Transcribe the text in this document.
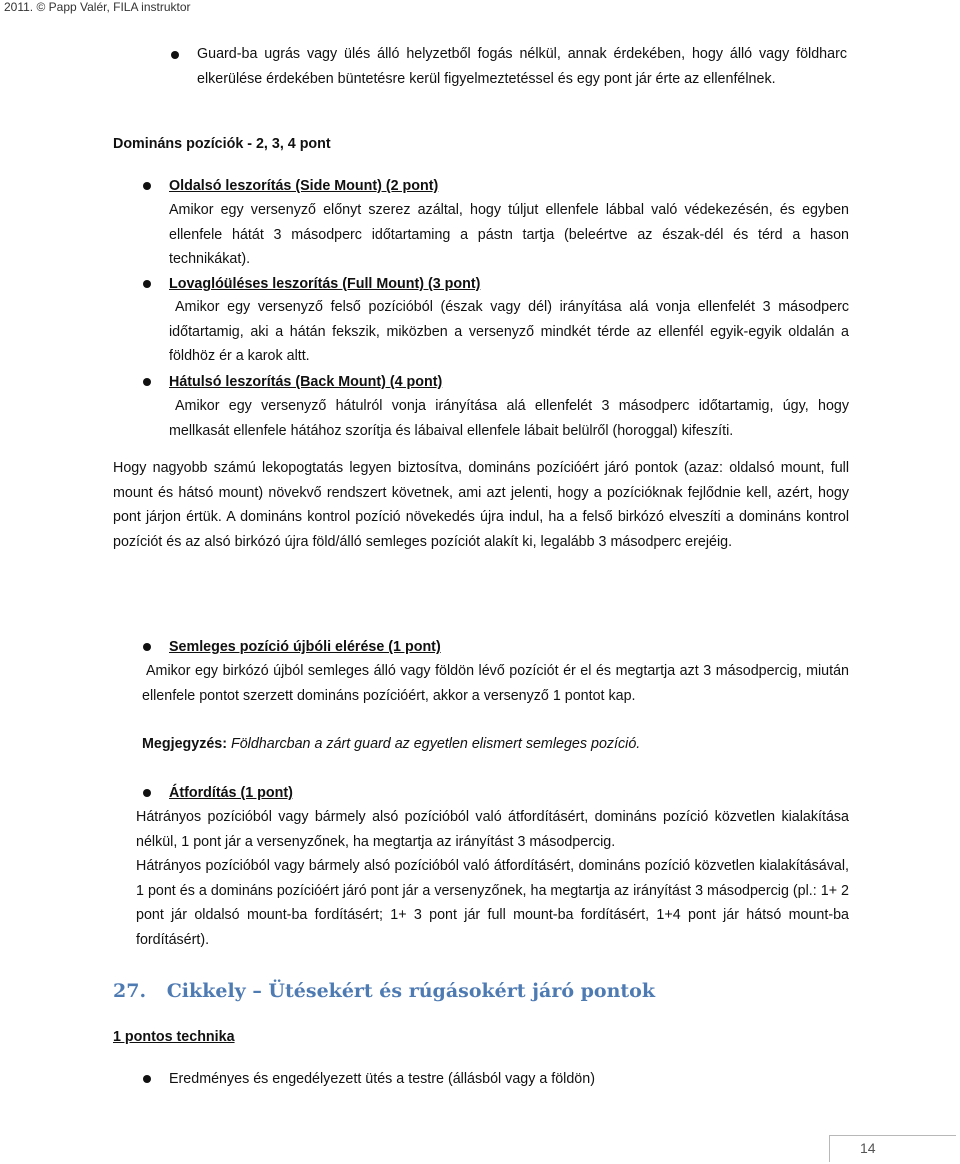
2011. © Papp Valér, FILA instruktor
Guard-ba ugrás vagy ülés álló helyzetből fogás nélkül, annak érdekében, hogy álló vagy földharc elkerülése érdekében büntetésre kerül figyelmeztetéssel és egy pont jár érte az ellenfélnek.
Domináns pozíciók - 2, 3, 4 pont
Oldalsó leszorítás (Side Mount) (2 pont)
Amikor egy versenyző előnyt szerez azáltal, hogy túljut ellenfele lábbal való védekezésén, és egyben ellenfele hátát 3 másodperc időtartaming a pástn tartja (beleértve az észak-dél és térd a hason technikákat).
Lovaglóüléses leszorítás (Full Mount) (3 pont)
Amikor egy versenyző felső pozícióból (észak vagy dél) irányítása alá vonja ellenfelét 3 másodperc időtartamig, aki a hátán fekszik, miközben a versenyző mindkét térde az ellenfél egyik-egyik oldalán a földhöz ér a karok altt.
Hátulsó leszorítás (Back Mount) (4 pont)
Amikor egy versenyző hátulról vonja irányítása alá ellenfelét 3 másodperc időtartamig, úgy, hogy mellkasát ellenfele hátához szorítja és lábaival ellenfele lábait belülről (horoggal) kifeszíti.
Hogy nagyobb számú lekopogtatás legyen biztosítva, domináns pozícióért járó pontok (azaz: oldalsó mount, full mount és hátsó mount) növekvő rendszert követnek, ami azt jelenti, hogy a pozícióknak fejlődnie kell, azért, hogy pont járjon értük. A domináns kontrol pozíció növekedés újra indul, ha a felső birkózó elveszíti a domináns kontrol pozíciót és az alsó birkózó újra föld/álló semleges pozíciót alakít ki, legalább 3 másodperc erejéig.
Semleges pozíció újbóli elérése (1 pont)
Amikor egy birkózó újból semleges álló vagy földön lévő pozíciót ér el és megtartja azt 3 másodpercig, miután ellenfele pontot szerzett domináns pozícióért, akkor a versenyző 1 pontot kap.
Megjegyzés: Földharcban a zárt guard az egyetlen elismert semleges pozíció.
Átfordítás (1 pont)
Hátrányos pozícióból vagy bármely alsó pozícióból való átfordításért, domináns pozíció közvetlen kialakítása nélkül, 1 pont jár a versenyzőnek, ha megtartja az irányítást 3 másodpercig.
Hátrányos pozícióból vagy bármely alsó pozícióból való átfordításért, domináns pozíció közvetlen kialakításával, 1 pont és a domináns pozícióért járó pont jár a versenyzőnek, ha megtartja az irányítást 3 másodpercig (pl.: 1+ 2 pont jár oldalsó mount-ba fordításért; 1+ 3 pont jár full mount-ba fordításért, 1+4 pont jár hátsó mount-ba fordításért).
27. Cikkely – Ütésekért és rúgásokért járó pontok
1 pontos technika
Eredményes és engedélyezett ütés a testre (állásból vagy a földön)
14
